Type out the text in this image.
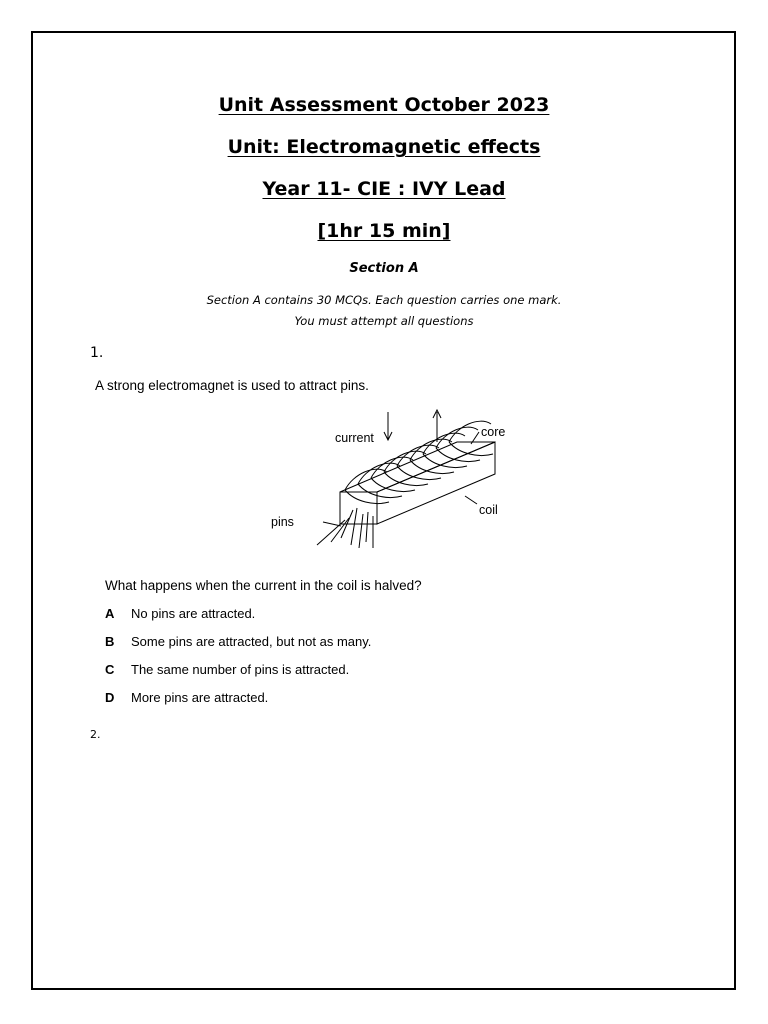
Unit Assessment October 2023
Unit: Electromagnetic effects
Year 11- CIE : IVY Lead
[1hr 15 min]
Section A
Section A contains 30 MCQs. Each question carries one mark.
You must attempt all questions
1.
A strong electromagnet is used to attract pins.
current	core
coil
pins
What happens when the current in the coil is halved?
A	No pins are attracted.
B	Some pins are attracted, but not as many.
C	The same number of pins is attracted.
D	More pins are attracted.
2.
